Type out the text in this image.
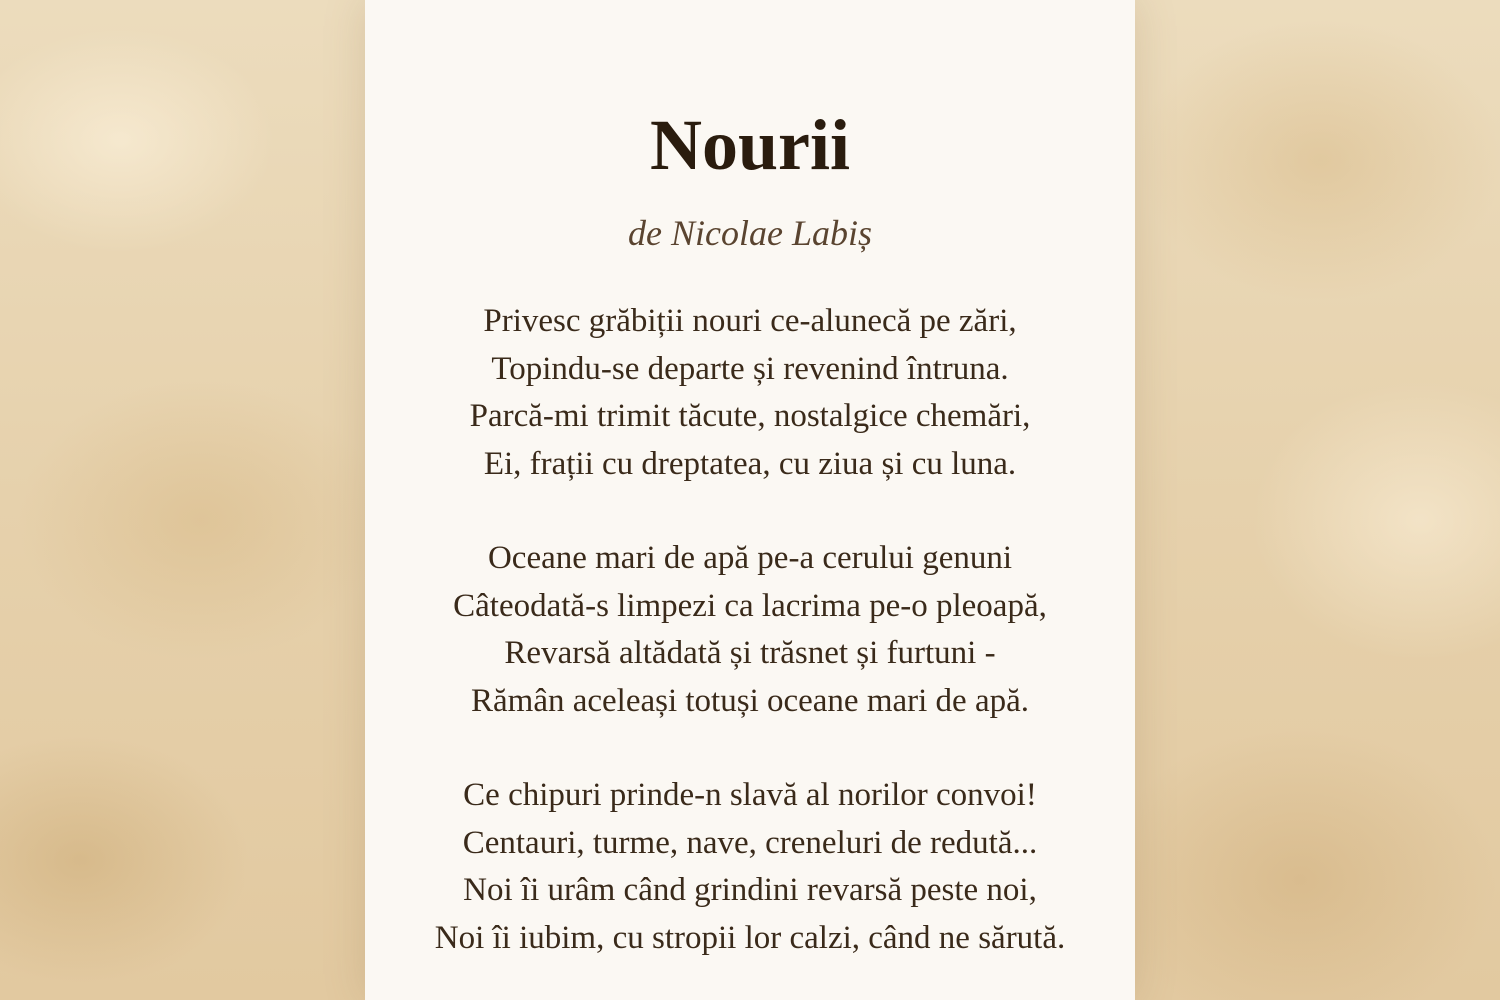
Nourii

de Nicolae Labiș

Privesc grăbiții nouri ce-alunecă pe zări,
Topindu-se departe și revenind întruna.
Parcă-mi trimit tăcute, nostalgice chemări,
Ei, frații cu dreptatea, cu ziua și cu luna.
Oceane mari de apă pe-a cerului genuni
Câteodată-s limpezi ca lacrima pe-o pleoapă,
Revarsă altădată și trăsnet și furtuni -
Rămân aceleași totuși oceane mari de apă.
Ce chipuri prinde-n slavă al norilor convoi!
Centauri, turme, nave, creneluri de redută...
Noi îi urâm când grindini revarsă peste noi,
Noi îi iubim, cu stropii lor calzi, când ne sărută.
